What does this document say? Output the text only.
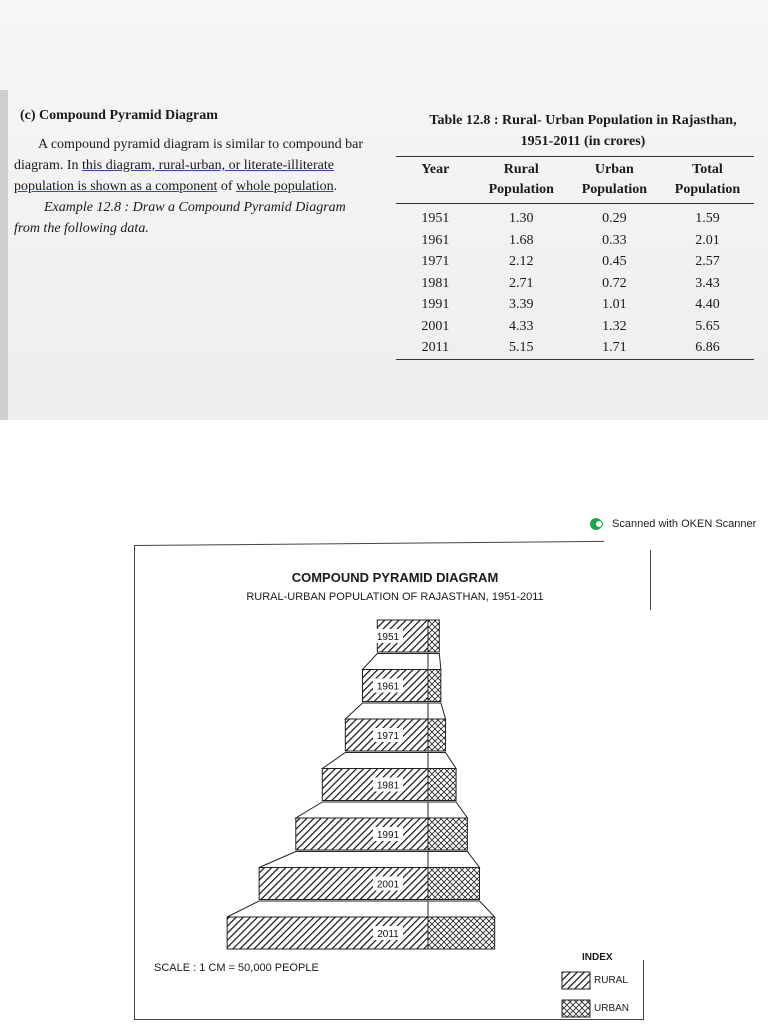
(c) Compound Pyramid Diagram

A compound pyramid diagram is similar to compound bar diagram. In this diagram, rural-urban, or literate-illiterate population is shown as a component of whole population.

Example 12.8 : Draw a Compound Pyramid Diagram from the following data.

Table 12.8 : Rural- Urban Population in Rajasthan,
1951-2011 (in crores)
Year	Rural Population	Urban Population	Total Population
1951	1.30	0.29	1.59
1961	1.68	0.33	2.01
1971	2.12	0.45	2.57
1981	2.71	0.72	3.43
1991	3.39	1.01	4.40
2001	4.33	1.32	5.65
2011	5.15	1.71	6.86
Scanned with OKEN Scanner
COMPOUND PYRAMID DIAGRAM
RURAL-URBAN POPULATION OF RAJASTHAN, 1951-2011
1951
1961
1971
1981
1991
2001
2011
SCALE : 1 CM = 50,000 PEOPLE
INDEX
RURAL
URBAN
